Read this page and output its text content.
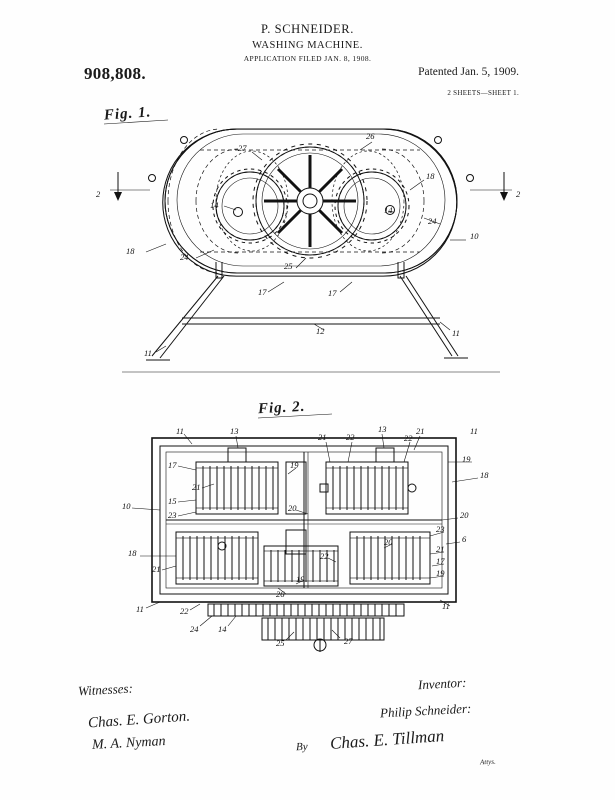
P. SCHNEIDER.
WASHING MACHINE.
APPLICATION FILED JAN. 8, 1908.
908,808.	Patented Jan. 5, 1909.
2 SHEETS—SHEET 1.
Fig. 1.
Fig. 2.
2	2
27
26
18
14	14
24
10
18
24
25
17	17
12	11
11
11	13	13	21	11
21 22	22
17	19
19
18
21
15
10
23
20
20
23
6
20
21
18	22	17
21	19
19
26
11	22	11
24 14
25	27
Witnesses:
Chas. E. Gorton.
M. A. Nyman
Inventor:
Philip Schneider:
By Chas. E. Tillman
Attys.
